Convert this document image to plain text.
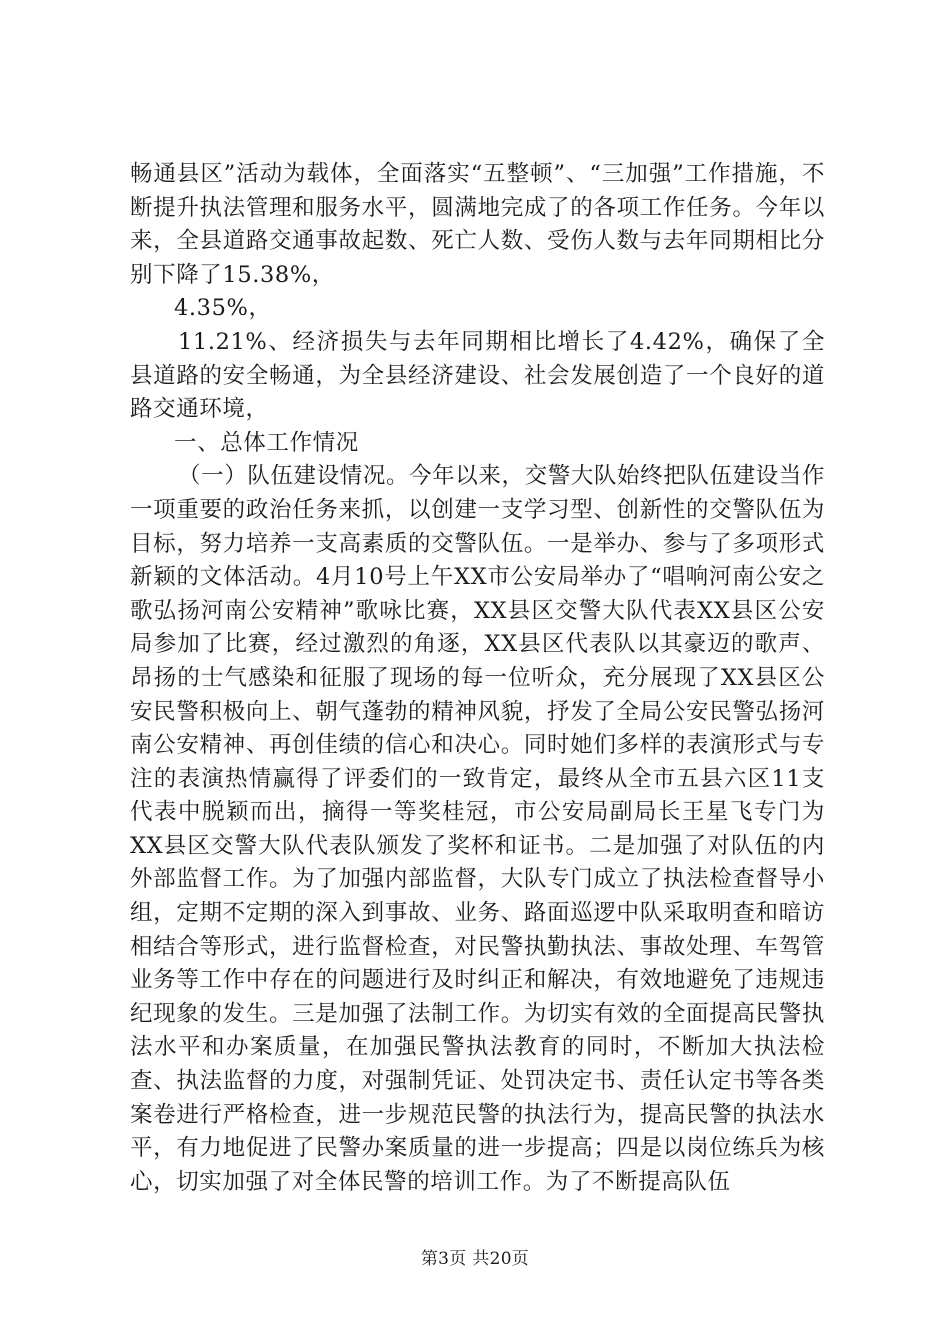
畅通县区”活动为载体，全面落实“五整顿”、“三加强”工作措施，不断提升执法管理和服务水平，圆满地完成了的各项工作任务。今年以来，全县道路交通事故起数、死亡人数、受伤人数与去年同期相比分别下降了15.38%，

4.35%，

11.21%、经济损失与去年同期相比增长了4.42%，确保了全县道路的安全畅通，为全县经济建设、社会发展创造了一个良好的道路交通环境，

一、总体工作情况

（一）队伍建设情况。今年以来，交警大队始终把队伍建设当作一项重要的政治任务来抓，以创建一支学习型、创新性的交警队伍为目标，努力培养一支高素质的交警队伍。一是举办、参与了多项形式新颖的文体活动。4月10号上午XX市公安局举办了“唱响河南公安之歌弘扬河南公安精神”歌咏比赛，XX县区交警大队代表XX县区公安局参加了比赛，经过激烈的角逐，XX县区代表队以其豪迈的歌声、昂扬的士气感染和征服了现场的每一位听众，充分展现了XX县区公安民警积极向上、朝气蓬勃的精神风貌，抒发了全局公安民警弘扬河南公安精神、再创佳绩的信心和决心。同时她们多样的表演形式与专注的表演热情赢得了评委们的一致肯定，最终从全市五县六区11支代表中脱颖而出，摘得一等奖桂冠，市公安局副局长王星飞专门为XX县区交警大队代表队颁发了奖杯和证书。二是加强了对队伍的内外部监督工作。为了加强内部监督，大队专门成立了执法检查督导小组，定期不定期的深入到事故、业务、路面巡逻中队采取明查和暗访相结合等形式，进行监督检查，对民警执勤执法、事故处理、车驾管业务等工作中存在的问题进行及时纠正和解决，有效地避免了违规违纪现象的发生。三是加强了法制工作。为切实有效的全面提高民警执法水平和办案质量，在加强民警执法教育的同时，不断加大执法检查、执法监督的力度，对强制凭证、处罚决定书、责任认定书等各类案卷进行严格检查，进一步规范民警的执法行为，提高民警的执法水平，有力地促进了民警办案质量的进一步提高；四是以岗位练兵为核心，切实加强了对全体民警的培训工作。为了不断提高队伍

第3页 共20页
